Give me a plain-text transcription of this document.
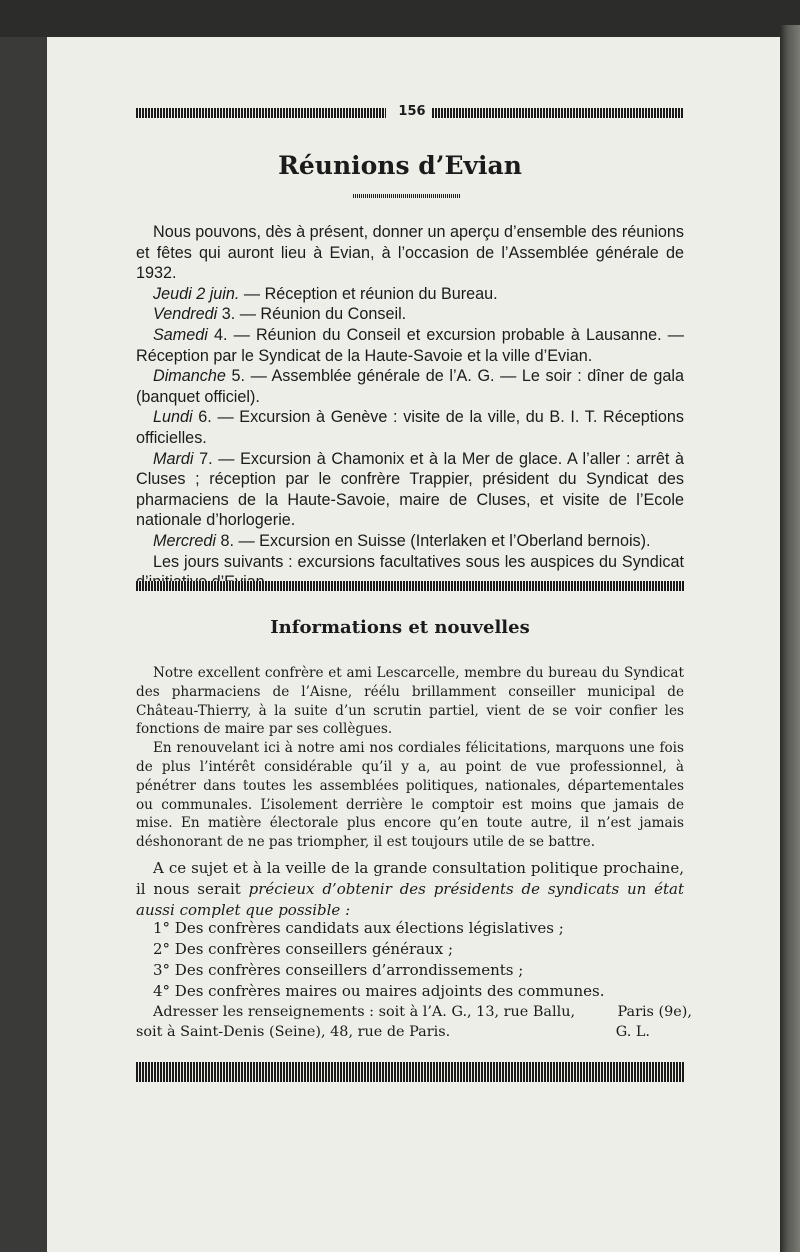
156
Réunions d’Evian

Nous pouvons, dès à présent, donner un aperçu d’ensemble des réunions et fêtes qui auront lieu à Evian, à l’occasion de l’Assemblée générale de 1932.

Jeudi 2 juin. — Réception et réunion du Bureau.

Vendredi 3. — Réunion du Conseil.

Samedi 4. — Réunion du Conseil et excursion probable à Lausanne. — Réception par le Syndicat de la Haute-Savoie et la ville d’Evian.

Dimanche 5. — Assemblée générale de l’A. G. — Le soir : dîner de gala (banquet officiel).

Lundi 6. — Excursion à Genève : visite de la ville, du B. I. T. Réceptions officielles.

Mardi 7. — Excursion à Chamonix et à la Mer de glace. A l’aller : arrêt à Cluses ; réception par le confrère Trappier, président du Syndicat des pharmaciens de la Haute-Savoie, maire de Cluses, et visite de l’Ecole nationale d’horlogerie.

Mercredi 8. — Excursion en Suisse (Interlaken et l’Oberland bernois).

Les jours suivants : excursions facultatives sous les auspices du Syndicat

Informations et nouvelles

Notre excellent confrère et ami Lescarcelle, membre du bureau du Syndicat des pharmaciens de l’Aisne, réélu brillamment conseiller municipal de Château-Thierry, à la suite d’un scrutin partiel, vient de se voir confier les fonctions de maire par ses collègues.

En renouvelant ici à notre ami nos cordiales félicitations, marquons une fois de plus l’intérêt considérable qu’il y a, au point de vue professionnel, à pénétrer dans toutes les assemblées politiques, nationales, départementales ou communales. L’isolement derrière le comptoir est moins que jamais de mise. En matière électorale plus encore qu’en toute autre, il n’est jamais déshonorant de ne pas triompher, il est toujours utile de se battre.

A ce sujet et à la veille de la grande consultation politique prochaine, il nous serait précieux d’obtenir des présidents de syndicats un état aussi complet que possible :

1° Des confrères candidats aux élections législatives ;
2° Des confrères conseillers généraux ;
3° Des confrères conseillers d’arrondissements ;
4° Des confrères maires ou maires adjoints des communes.
Adresser les renseignements : soit à l’A. G., 13, rue Ballu,	Paris (9e),
soit à Saint-Denis (Seine), 48, rue de Paris.	G. L.
